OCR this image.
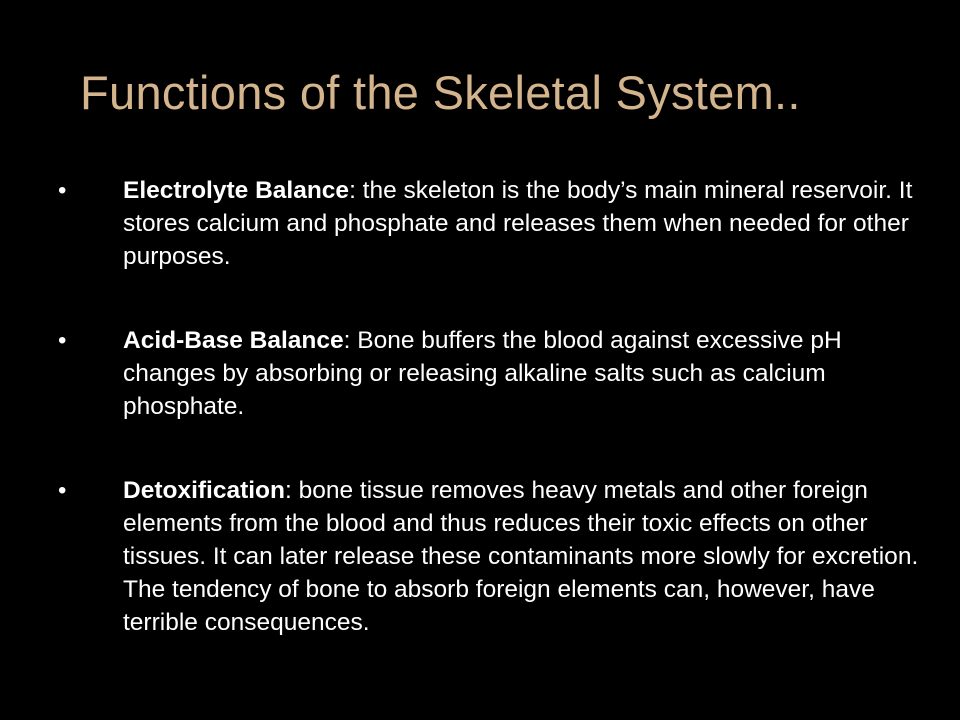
Functions of the Skeletal System..
• Electrolyte Balance: the skeleton is the body’s main mineral reservoir. It stores calcium and phosphate and releases them when needed for other purposes.
• Acid-Base Balance: Bone buffers the blood against excessive pH changes by absorbing or releasing alkaline salts such as calcium phosphate.
• Detoxification: bone tissue removes heavy metals and other foreign elements from the blood and thus reduces their toxic effects on other tissues. It can later release these contaminants more slowly for excretion. The tendency of bone to absorb foreign elements can, however, have terrible consequences.
